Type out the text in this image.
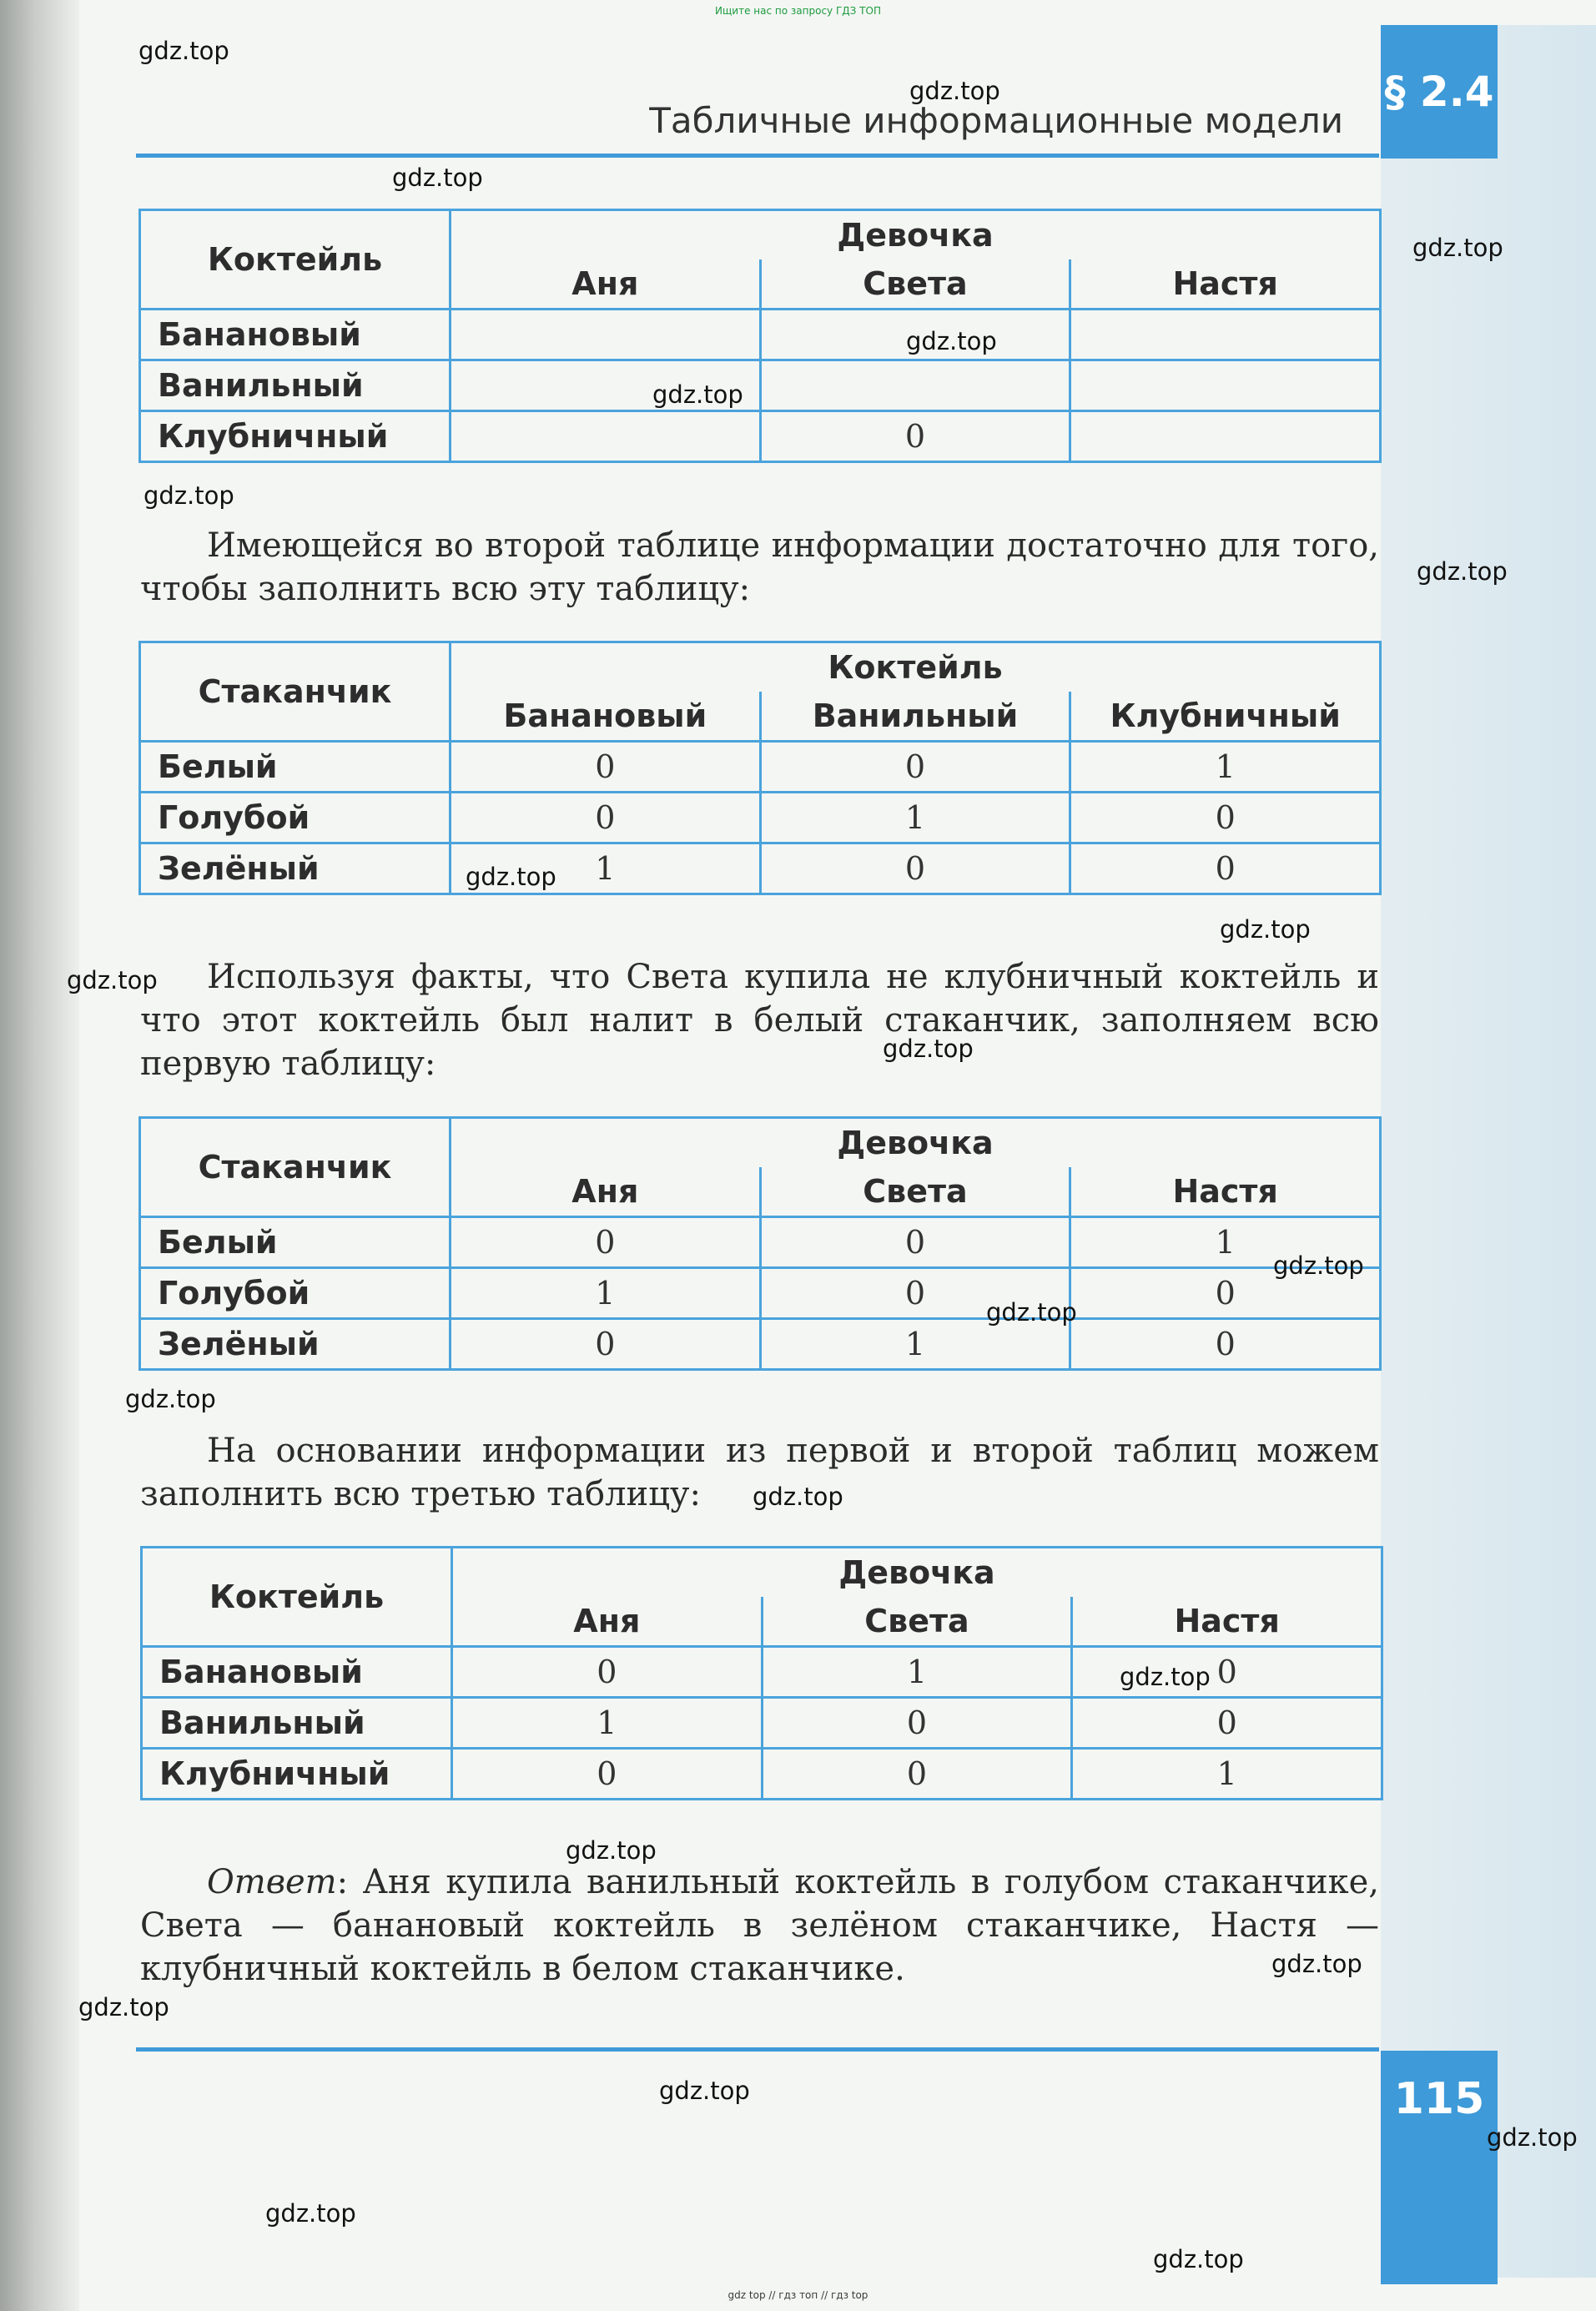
Ищите нас по запросу ГДЗ ТОП
§ 2.4
Табличные информационные модели
Коктейль	Девочка		
	Аня	Света	Настя
Банановый			
Ванильный			
Клубничный		0	
Имеющейся во второй таблице информации достаточно для того, чтобы заполнить всю эту таблицу:
Стаканчик	Коктейль		
	Банановый	Ванильный	Клубничный
Белый	0	0	1
Голубой	0	1	0
Зелёный	1	0	0
Используя факты, что Света купила не клубничный коктейль и что этот коктейль был налит в белый стаканчик, заполняем всю первую таблицу:
Стаканчик	Девочка		
	Аня	Света	Настя
Белый	0	0	1
Голубой	1	0	0
Зелёный	0	1	0
На основании информации из первой и второй таблиц можем заполнить всю третью таблицу:
Коктейль	Девочка		
	Аня	Света	Настя
Банановый	0	1	0
Ванильный	1	0	0
Клубничный	0	0	1
Ответ: Аня купила ванильный коктейль в голубом стаканчике, Света — банановый коктейль в зелёном стаканчике, Настя — клубничный коктейль в белом стаканчике.
115
gdz.top
gdz.top
gdz.top
gdz.top
gdz.top
gdz.top
gdz.top
gdz.top
gdz.top
gdz.top
gdz.top
gdz.top
gdz.top
gdz.top
gdz.top
gdz.top
gdz.top
gdz.top
gdz.top
gdz.top
gdz.top
gdz.top
gdz.top
gdz.top
gdz top // гдз топ // гдз top
